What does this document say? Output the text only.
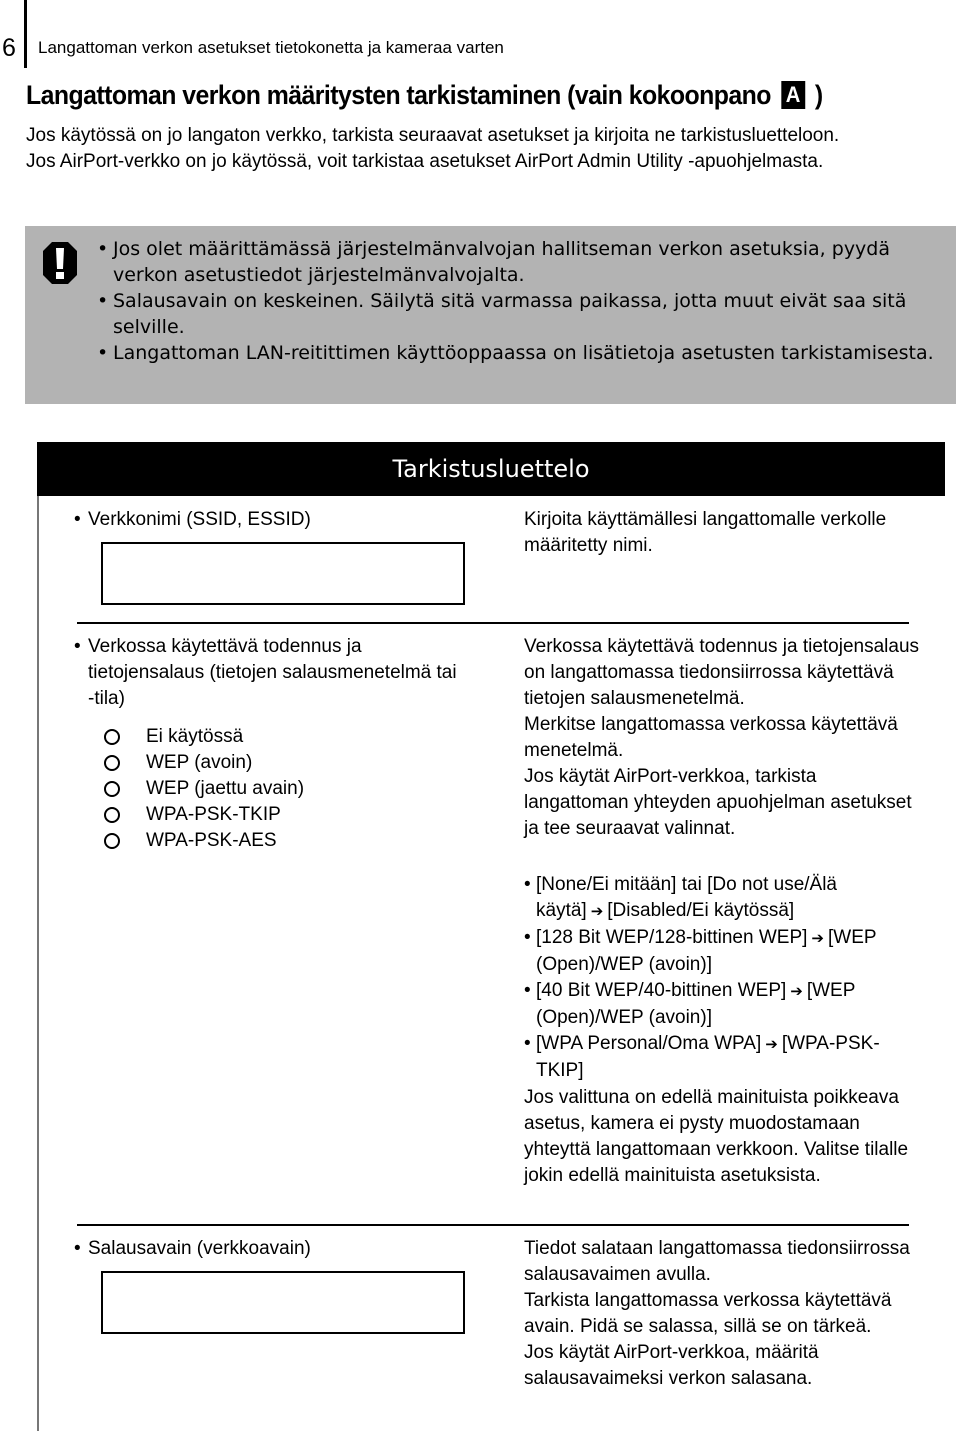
6 Langattoman verkon asetukset tietokonetta ja kameraa varten
Langattoman verkon määritysten tarkistaminen (vain kokoonpano A )

Jos käytössä on jo langaton verkko, tarkista seuraavat asetukset ja kirjoita ne tarkistusluetteloon.

Jos AirPort-verkko on jo käytössä, voit tarkistaa asetukset AirPort Admin Utility -apuohjelmasta.

• Jos olet määrittämässä järjestelmänvalvojan hallitseman verkon asetuksia, pyydä verkon asetustiedot järjestelmänvalvojalta.
• Salausavain on keskeinen. Säilytä sitä varmassa paikassa, jotta muut eivät saa sitä selville.
• Langattoman LAN-reitittimen käyttöoppaassa on lisätietoja asetusten tarkistamisesta.
Tarkistusluettelo
• Verkkonimi (SSID, ESSID)	Kirjoita käyttämällesi langattomalle verkolle määritetty nimi.
• Verkossa käytettävä todennus ja tietojensalaus (tietojen salausmenetelmä tai -tila)
Ei käytössä
WEP (avoin)
WEP (jaettu avain)
WPA-PSK-TKIP
WPA-PSK-AES

Verkossa käytettävä todennus ja tietojensalaus on langattomassa tiedonsiirrossa käytettävä tietojen salausmenetelmä.

Merkitse langattomassa verkossa käytettävä menetelmä.

Jos käytät AirPort-verkkoa, tarkista langattoman yhteyden apuohjelman asetukset ja tee seuraavat valinnat.

• [None/Ei mitään] tai [Do not use/Älä käytä] ➔ [Disabled/Ei käytössä]
• [128 Bit WEP/128-bittinen WEP] ➔ [WEP (Open)/WEP (avoin)]
• [40 Bit WEP/40-bittinen WEP] ➔ [WEP (Open)/WEP (avoin)]
• [WPA Personal/Oma WPA] ➔ [WPA-PSK-TKIP]

Jos valittuna on edellä mainituista poikkeava asetus, kamera ei pysty muodostamaan yhteyttä langattomaan verkkoon. Valitse tilalle jokin edellä mainituista asetuksista.

• Salausavain (verkkoavain)	Tiedot salataan langattomassa tiedonsiirrossa salausavaimen avulla.

Tarkista langattomassa verkossa käytettävä avain. Pidä se salassa, sillä se on tärkeä.

Jos käytät AirPort-verkkoa, määritä salausavaimeksi verkon salasana.
